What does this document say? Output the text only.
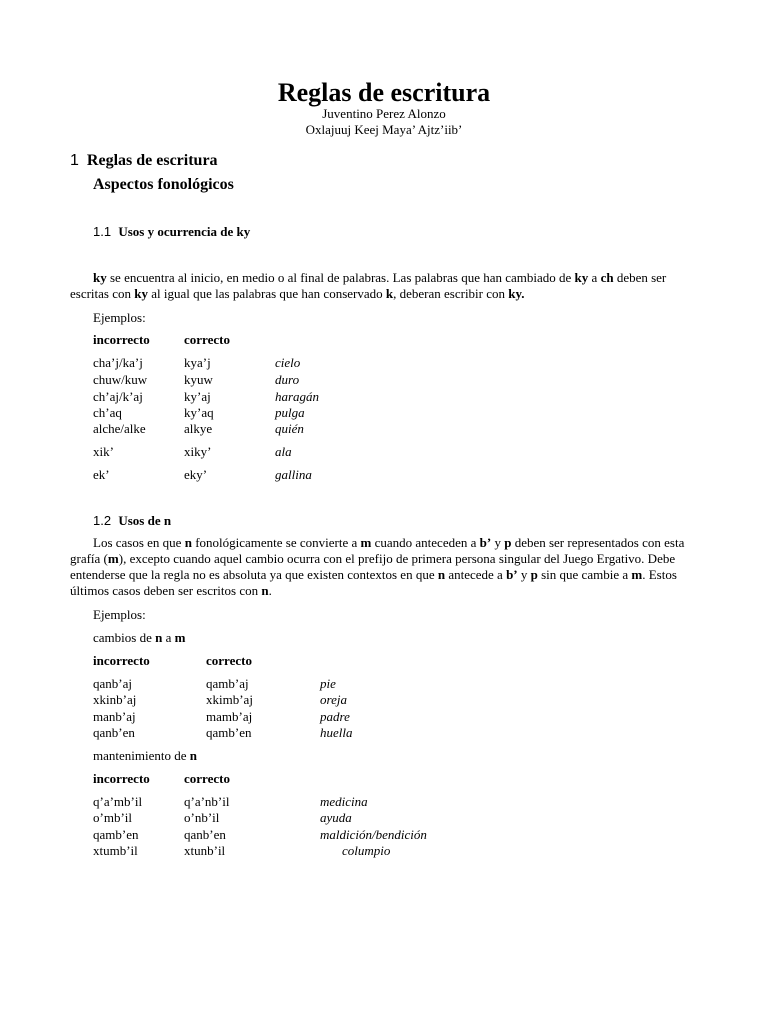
Reglas de escritura
Juventino Perez Alonzo
Oxlajuuj Keej Maya’ Ajtz’iib’
1 Reglas de escritura
Aspectos fonológicos
1.1 Usos y ocurrencia de ky
ky se encuentra al inicio, en medio o al final de palabras. Las palabras que han cambiado de ky a ch deben ser escritas con ky al igual que las palabras que han conservado k, deberan escribir con ky.
Ejemplos:
incorrecto	correcto
cha’j/ka’j	kya’j	cielo
chuw/kuw	kyuw	duro
ch’aj/k’aj	ky’aj	haragán
ch’aq	ky’aq	pulga
alche/alke	alkye	quién
xik’	xiky’	ala
ek’	eky’	gallina
1.2 Usos de n
Los casos en que n fonológicamente se convierte a m cuando anteceden a b’ y p deben ser representados con esta grafía (m), excepto cuando aquel cambio ocurra con el prefijo de primera persona singular del Juego Ergativo. Debe entenderse que la regla no es absoluta ya que existen contextos en que n antecede a b’ y p sin que cambie a m. Estos últimos casos deben ser escritos con n.
Ejemplos:
cambios de n a m
incorrecto	correcto
qanb’aj	qamb’aj	pie
xkinb’aj	xkimb’aj	oreja
manb’aj	mamb’aj	padre
qanb’en	qamb’en	huella
mantenimiento de n
incorrecto	correcto
q’a’mb’il	q’a’nb’il	medicina
o’mb’il	o’nb’il	ayuda
qamb’en	qanb’en	maldición/bendición
xtumb’il	xtunb’il	columpio
